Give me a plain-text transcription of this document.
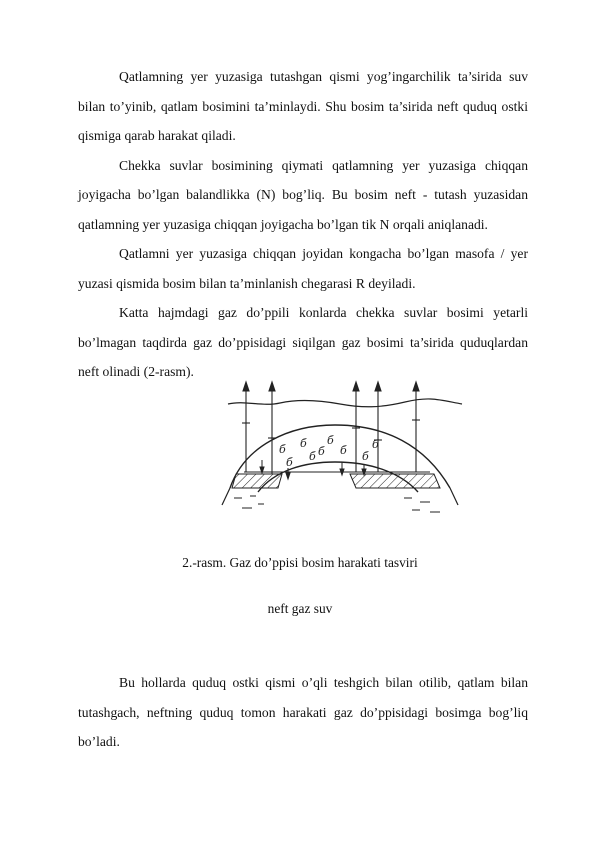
Qatlamning yer yuzasiga tutashgan qismi yog’ingarchilik ta’sirida suv bilan to’yinib, qatlam bosimini ta’minlaydi. Shu bosim ta’sirida neft quduq ostki qismiga qarab harakat qiladi.

Chekka suvlar bosimining qiymati qatlamning yer yuzasiga chiqqan joyigacha bo’lgan balandlikka (N) bog’liq. Bu bosim neft - tutash yuzasidan qatlamning yer yuzasiga chiqqan joyigacha bo’lgan tik N orqali aniqlanadi.

Qatlamni yer yuzasiga chiqqan joyidan kongacha bo’lgan masofa / yer yuzasi qismida bosim bilan ta’minlanish chegarasi R deyiladi.

Katta hajmdagi gaz do’ppili konlarda chekka suvlar bosimi yetarli bo’lmagan taqdirda gaz do’ppisidagi siqilgan gaz bosimi ta’sirida quduqlardan neft olinadi (2-rasm).

б б б
б
б
б б
б
б
2.-rasm. Gaz do’ppisi bosim harakati tasviri
neft gaz suv

Bu hollarda quduq ostki qismi o’qli teshgich bilan otilib, qatlam bilan tutashgach, neftning quduq tomon harakati gaz do’ppisidagi bosimga bog’liq bo’ladi.
